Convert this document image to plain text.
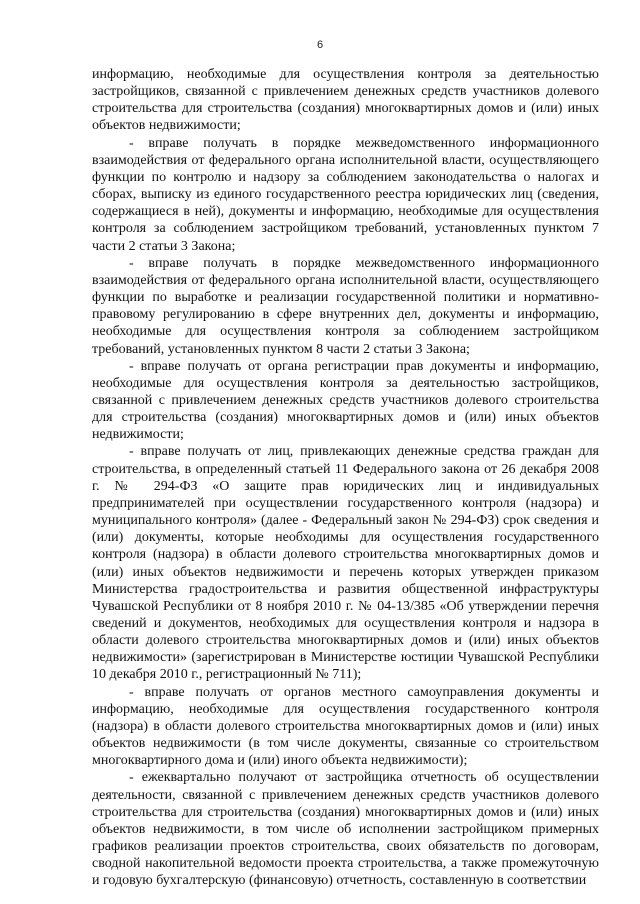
6

информацию, необходимые для осуществления контроля за деятельностью застройщиков, связанной с привлечением денежных средств участников долевого строительства для строительства (создания) многоквартирных домов и (или) иных объектов недвижимости;

- вправе получать в порядке межведомственного информационного взаимодействия от федерального органа исполнительной власти, осуществляющего функции по контролю и надзору за соблюдением законодательства о налогах и сборах, выписку из единого государственного реестра юридических лиц (сведения, содержащиеся в ней), документы и информацию, необходимые для осуществления контроля за соблюдением застройщиком требований, установленных пунктом 7 части 2 статьи 3 Закона;

- вправе получать в порядке межведомственного информационного взаимодействия от федерального органа исполнительной власти, осуществляющего функции по выработке и реализации государственной политики и нормативно-правовому регулированию в сфере внутренних дел, документы и информацию, необходимые для осуществления контроля за соблюдением застройщиком требований, установленных пунктом 8 части 2 статьи 3 Закона;

- вправе получать от органа регистрации прав документы и информацию, необходимые для осуществления контроля за деятельностью застройщиков, связанной с привлечением денежных средств участников долевого строительства для строительства (создания) многоквартирных домов и (или) иных объектов недвижимости;

- вправе получать от лиц, привлекающих денежные средства граждан для строительства, в определенный статьей 11 Федерального закона от 26 декабря 2008 г. № 294-ФЗ «О защите прав юридических лиц и индивидуальных предпринимателей при осуществлении государственного контроля (надзора) и муниципального контроля» (далее - Федеральный закон № 294-ФЗ) срок сведения и (или) документы, которые необходимы для осуществления государственного контроля (надзора) в области долевого строительства многоквартирных домов и (или) иных объектов недвижимости и перечень которых утвержден приказом Министерства градостроительства и развития общественной инфраструктуры Чувашской Республики от 8 ноября 2010 г. № 04-13/385 «Об утверждении перечня сведений и документов, необходимых для осуществления контроля и надзора в области долевого строительства многоквартирных домов и (или) иных объектов недвижимости» (зарегистрирован в Министерстве юстиции Чувашской Республики 10 декабря 2010 г., регистрационный № 711);

- вправе получать от органов местного самоуправления документы и информацию, необходимые для осуществления государственного контроля (надзора) в области долевого строительства многоквартирных домов и (или) иных объектов недвижимости (в том числе документы, связанные со строительством многоквартирного дома и (или) иного объекта недвижимости);

- ежеквартально получают от застройщика отчетность об осуществлении деятельности, связанной с привлечением денежных средств участников долевого строительства для строительства (создания) многоквартирных домов и (или) иных объектов недвижимости, в том числе об исполнении застройщиком примерных графиков реализации проектов строительства, своих обязательств по договорам, сводной накопительной ведомости проекта строительства, а также промежуточную и годовую бухгалтерскую (финансовую) отчетность, составленную в соответствии
